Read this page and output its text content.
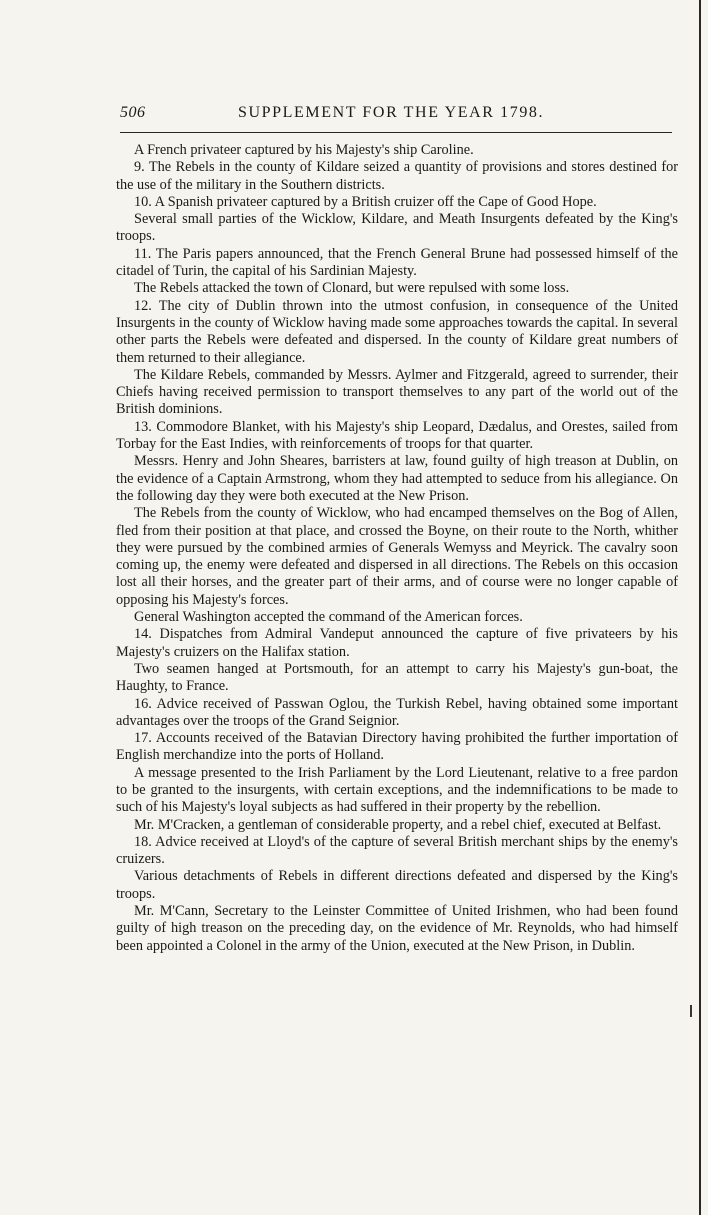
506	SUPPLEMENT FOR THE YEAR 1798.

A French privateer captured by his Majesty's ship Caroline.

9. The Rebels in the county of Kildare seized a quantity of provisions and stores destined for the use of the military in the Southern districts.

10. A Spanish privateer captured by a British cruizer off the Cape of Good Hope.

Several small parties of the Wicklow, Kildare, and Meath Insurgents defeated by the King's troops.

11. The Paris papers announced, that the French General Brune had possessed himself of the citadel of Turin, the capital of his Sardinian Majesty.

The Rebels attacked the town of Clonard, but were repulsed with some loss.

12. The city of Dublin thrown into the utmost confusion, in consequence of the United Insurgents in the county of Wicklow having made some approaches towards the capital. In several other parts the Rebels were defeated and dispersed. In the county of Kildare great numbers of them returned to their allegiance.

The Kildare Rebels, commanded by Messrs. Aylmer and Fitzgerald, agreed to surrender, their Chiefs having received permission to transport themselves to any part of the world out of the British dominions.

13. Commodore Blanket, with his Majesty's ship Leopard, Dædalus, and Orestes, sailed from Torbay for the East Indies, with reinforcements of troops for that quarter.

Messrs. Henry and John Sheares, barristers at law, found guilty of high treason at Dublin, on the evidence of a Captain Armstrong, whom they had attempted to seduce from his allegiance. On the following day they were both executed at the New Prison.

The Rebels from the county of Wicklow, who had encamped themselves on the Bog of Allen, fled from their position at that place, and crossed the Boyne, on their route to the North, whither they were pursued by the combined armies of Generals Wemyss and Meyrick. The cavalry soon coming up, the enemy were defeated and dispersed in all directions. The Rebels on this occasion lost all their horses, and the greater part of their arms, and of course were no longer capable of opposing his Majesty's forces.

General Washington accepted the command of the American forces.

14. Dispatches from Admiral Vandeput announced the capture of five privateers by his Majesty's cruizers on the Halifax station.

Two seamen hanged at Portsmouth, for an attempt to carry his Majesty's gun-boat, the Haughty, to France.

16. Advice received of Passwan Oglou, the Turkish Rebel, having obtained some important advantages over the troops of the Grand Seignior.

17. Accounts received of the Batavian Directory having prohibited the further importation of English merchandize into the ports of Holland.

A message presented to the Irish Parliament by the Lord Lieutenant, relative to a free pardon to be granted to the insurgents, with certain exceptions, and the indemnifications to be made to such of his Majesty's loyal subjects as had suffered in their property by the rebellion.

Mr. M'Cracken, a gentleman of considerable property, and a rebel chief, executed at Belfast.

18. Advice received at Lloyd's of the capture of several British merchant ships by the enemy's cruizers.

Various detachments of Rebels in different directions defeated and dispersed by the King's troops.

Mr. M'Cann, Secretary to the Leinster Committee of United Irishmen, who had been found guilty of high treason on the preceding day, on the evidence of Mr. Reynolds, who had himself been appointed a Colonel in the army of the Union, executed at the New Prison, in Dublin.
